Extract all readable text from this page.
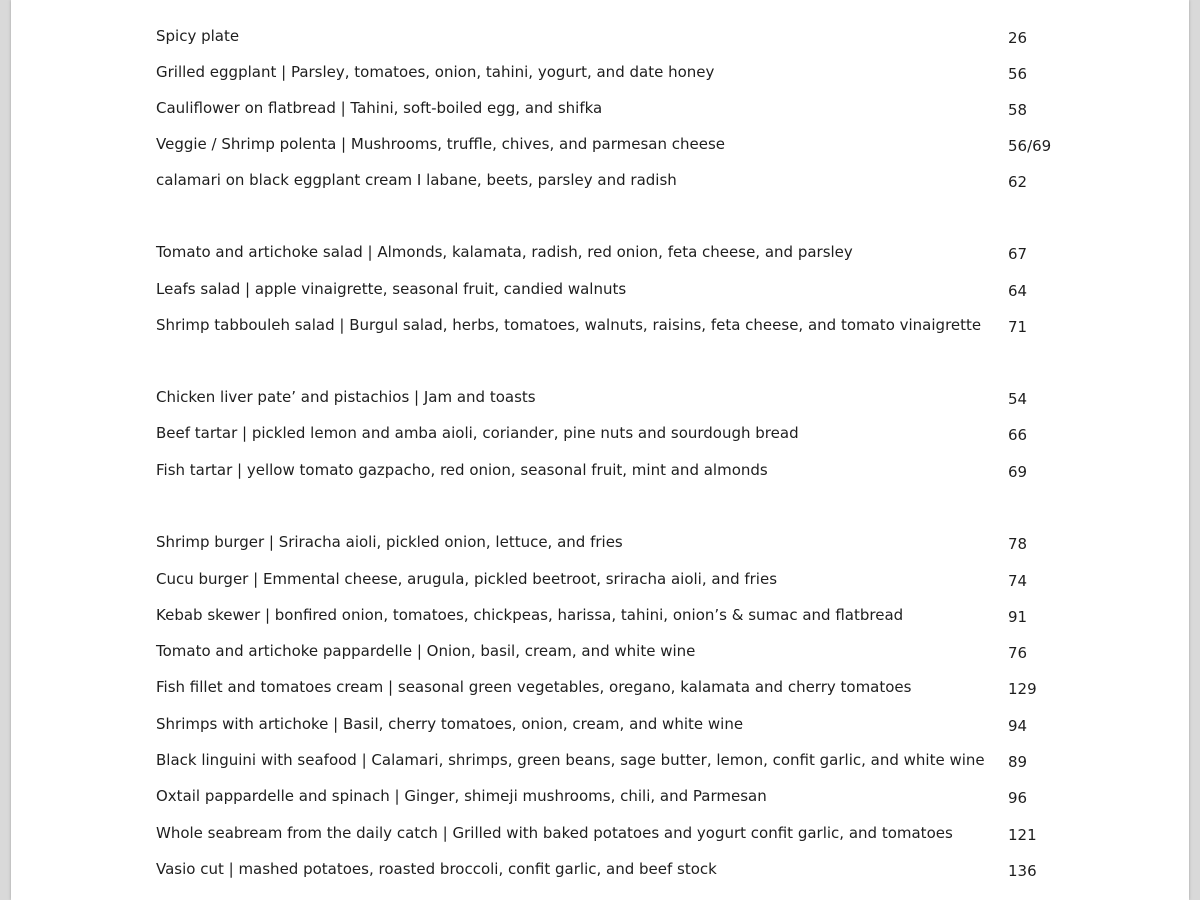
Spicy plate	26
Grilled eggplant | Parsley, tomatoes, onion, tahini, yogurt, and date honey	56
Cauliflower on flatbread | Tahini, soft-boiled egg, and shifka	58
Veggie / Shrimp polenta | Mushrooms, truffle, chives, and parmesan cheese	56/69
calamari on black eggplant cream I labane, beets, parsley and radish	62
Tomato and artichoke salad | Almonds, kalamata, radish, red onion, feta cheese, and parsley	67
Leafs salad | apple vinaigrette, seasonal fruit, candied walnuts	64
Shrimp tabbouleh salad | Burgul salad, herbs, tomatoes, walnuts, raisins, feta cheese, and tomato vinaigrette 71
Chicken liver pate’ and pistachios | Jam and toasts	54
Beef tartar | pickled lemon and amba aioli, coriander, pine nuts and sourdough bread	66
Fish tartar | yellow tomato gazpacho, red onion, seasonal fruit, mint and almonds	69
Shrimp burger | Sriracha aioli, pickled onion, lettuce, and fries	78
Cucu burger | Emmental cheese, arugula, pickled beetroot, sriracha aioli, and fries	74
Kebab skewer | bonfired onion, tomatoes, chickpeas, harissa, tahini, onion’s & sumac and flatbread	91
Tomato and artichoke pappardelle | Onion, basil, cream, and white wine	76
Fish fillet and tomatoes cream | seasonal green vegetables, oregano, kalamata and cherry tomatoes	129
Shrimps with artichoke | Basil, cherry tomatoes, onion, cream, and white wine	94
Black linguini with seafood | Calamari, shrimps, green beans, sage butter, lemon, confit garlic, and white wine 89
Oxtail pappardelle and spinach | Ginger, shimeji mushrooms, chili, and Parmesan	96
Whole seabream from the daily catch | Grilled with baked potatoes and yogurt confit garlic, and tomatoes	121
Vasio cut | mashed potatoes, roasted broccoli, confit garlic, and beef stock	136
